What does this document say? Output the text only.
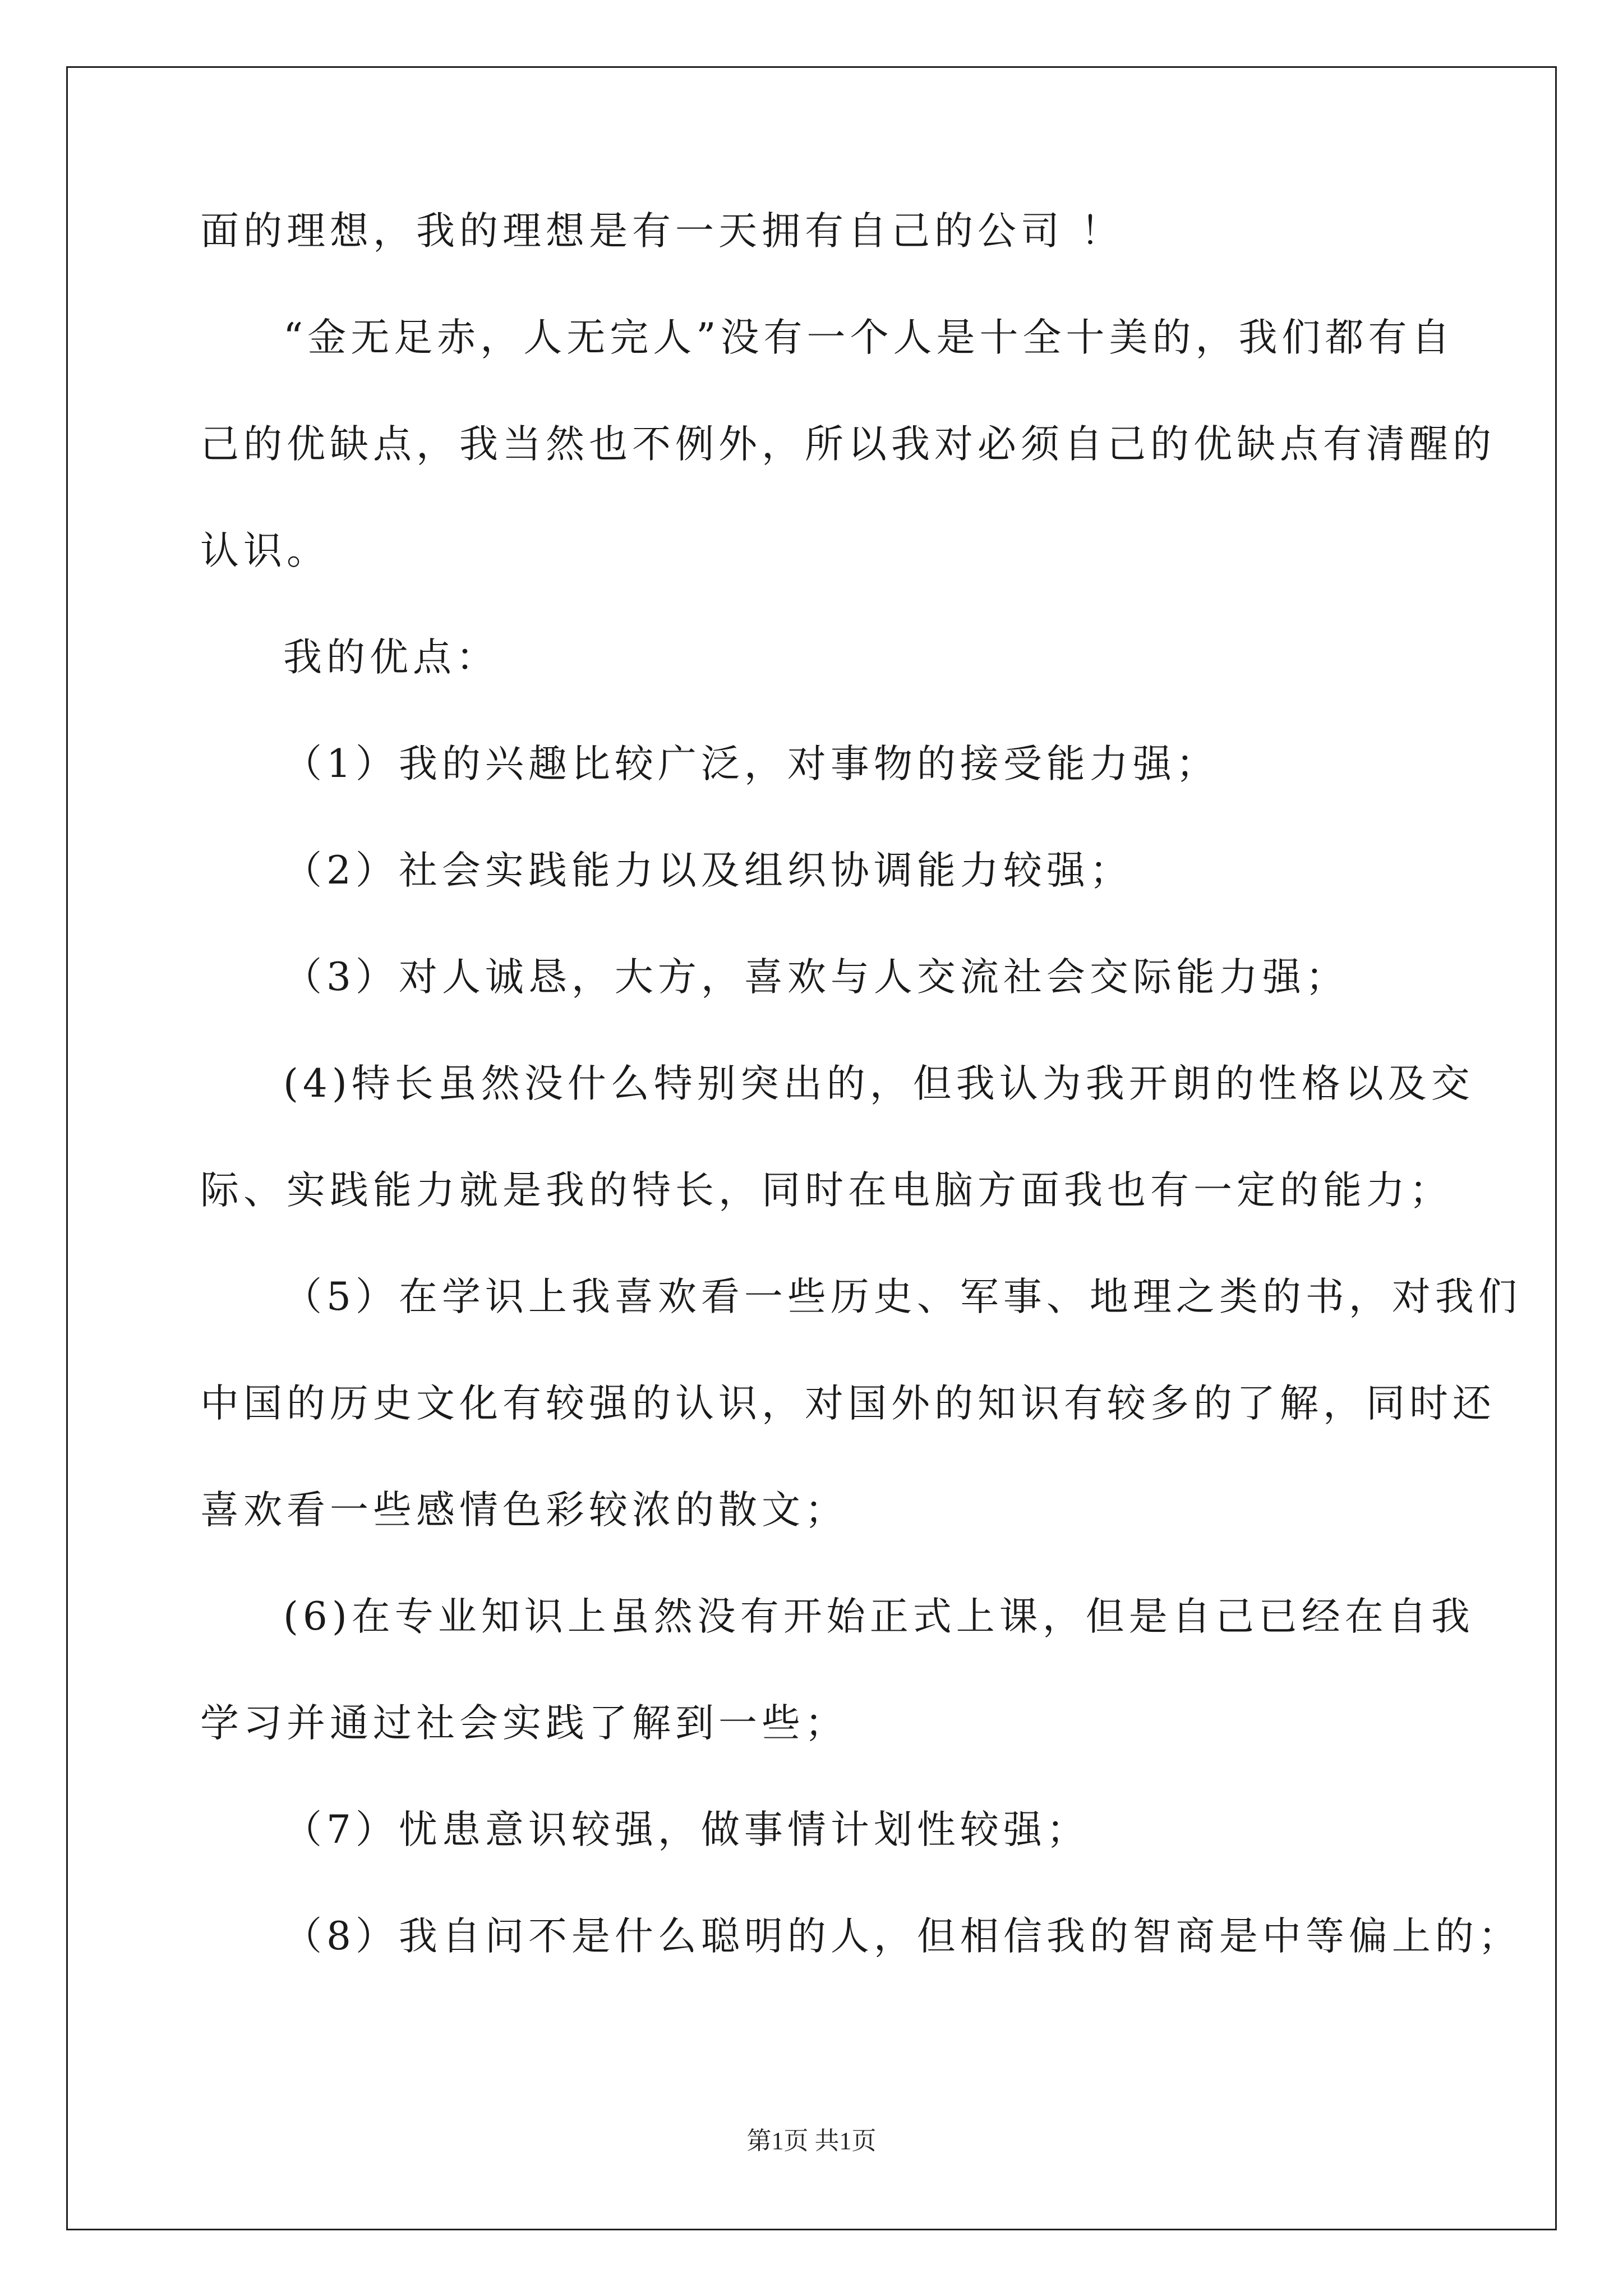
面的理想，我的理想是有一天拥有自己的公司 ！
“金无足赤，人无完人”没有一个人是十全十美的，我们都有自
己的优缺点，我当然也不例外，所以我对必须自己的优缺点有清醒的
认识。
我的优点：
（1）我的兴趣比较广泛，对事物的接受能力强；
（2）社会实践能力以及组织协调能力较强；
（3）对人诚恳，大方，喜欢与人交流社会交际能力强；
(4)特长虽然没什么特别突出的，但我认为我开朗的性格以及交
际、实践能力就是我的特长，同时在电脑方面我也有一定的能力；
（5）在学识上我喜欢看一些历史、军事、地理之类的书，对我们
中国的历史文化有较强的认识，对国外的知识有较多的了解，同时还
喜欢看一些感情色彩较浓的散文；
(6)在专业知识上虽然没有开始正式上课，但是自己已经在自我
学习并通过社会实践了解到一些；
（7）忧患意识较强，做事情计划性较强；
（8）我自问不是什么聪明的人，但相信我的智商是中等偏上的；
第1页 共1页
